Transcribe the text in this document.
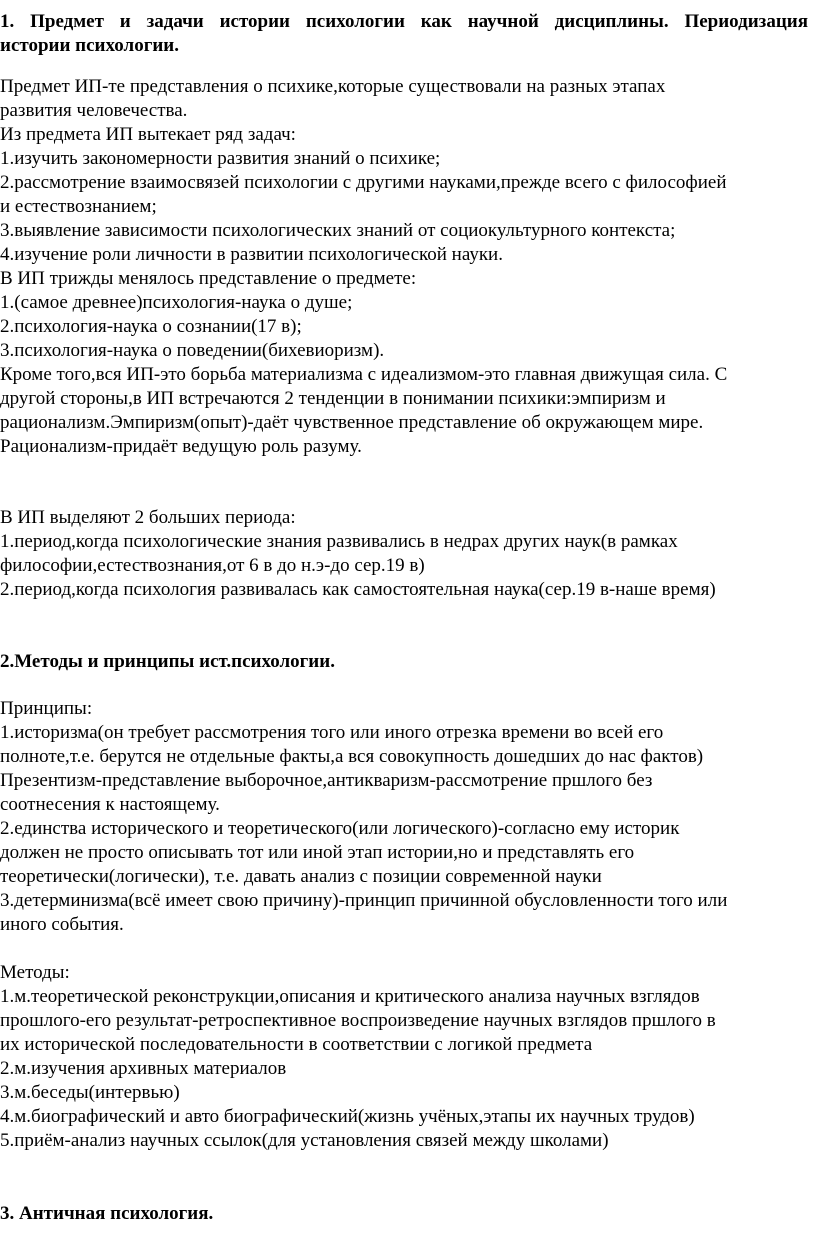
1. Предмет и задачи истории психологии как научной дисциплины. Периодизация
истории психологии.
Предмет ИП-те представления о психике,которые существовали на разных этапах
развития человечества.
Из предмета ИП вытекает ряд задач:
1.изучить закономерности развития знаний о психике;
2.рассмотрение взаимосвязей психологии с другими науками,прежде всего с философией
и естествознанием;
3.выявление зависимости психологических знаний от социокультурного контекста;
4.изучение роли личности в развитии психологической науки.
В ИП трижды менялось представление о предмете:
1.(самое древнее)психология-наука о душе;
2.психология-наука о сознании(17 в);
3.психология-наука о поведении(бихевиоризм).
Кроме того,вся ИП-это борьба материализма с идеализмом-это главная движущая сила. С
другой стороны,в ИП встречаются 2 тенденции в понимании психики:эмпиризм и
рационализм.Эмпиризм(опыт)-даёт чувственное представление об окружающем мире.
Рационализм-придаёт ведущую роль разуму.
В ИП выделяют 2 больших периода:
1.период,когда психологические знания развивались в недрах других наук(в рамках
философии,естествознания,от 6 в до н.э-до сер.19 в)
2.период,когда психология развивалась как самостоятельная наука(сер.19 в-наше время)
2.Методы и принципы ист.психологии.
Принципы:
1.историзма(он требует рассмотрения того или иного отрезка времени во всей его
полноте,т.е. берутся не отдельные факты,а вся совокупность дошедших до нас фактов)
Презентизм-представление выборочное,антикваризм-рассмотрение пршлого без
соотнесения к настоящему.
2.единства исторического и теоретического(или логического)-согласно ему историк
должен не просто описывать тот или иной этап истории,но и представлять его
теоретически(логически), т.е. давать анализ с позиции современной науки
3.детерминизма(всё имеет свою причину)-принцип причинной обусловленности того или
иного события.
Методы:
1.м.теоретической реконструкции,описания и критического анализа научных взглядов
прошлого-его результат-ретроспективное воспроизведение научных взглядов пршлого в
их исторической последовательности в соответствии с логикой предмета
2.м.изучения архивных материалов
3.м.беседы(интервью)
4.м.биографический и авто биографический(жизнь учёных,этапы их научных трудов)
5.приём-анализ научных ссылок(для установления связей между школами)
3. Античная психология.
